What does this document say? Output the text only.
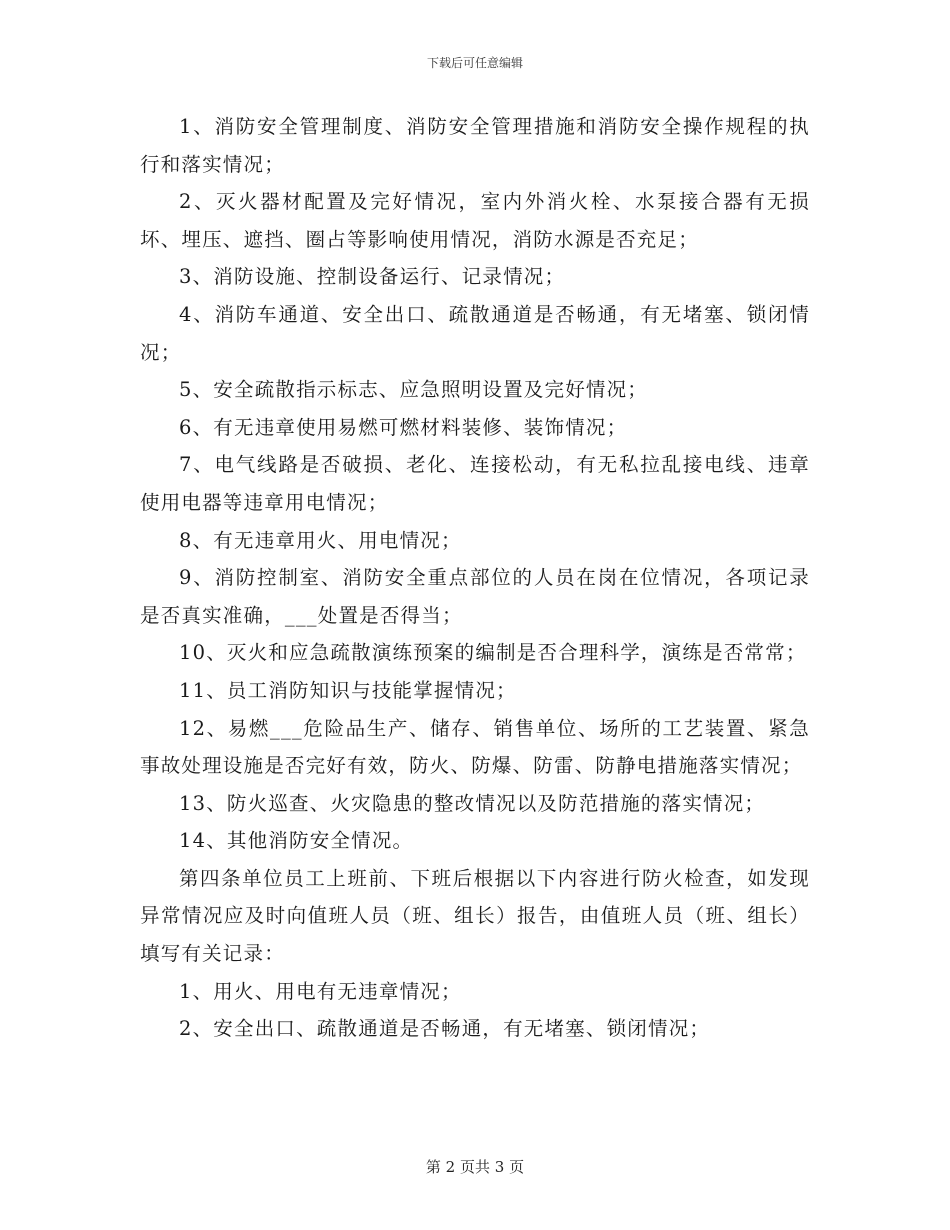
下载后可任意编辑

1、消防安全管理制度、消防安全管理措施和消防安全操作规程的执行和落实情况；

2、灭火器材配置及完好情况，室内外消火栓、水泵接合器有无损坏、埋压、遮挡、圈占等影响使用情况，消防水源是否充足；

3、消防设施、控制设备运行、记录情况；

4、消防车通道、安全出口、疏散通道是否畅通，有无堵塞、锁闭情况；

5、安全疏散指示标志、应急照明设置及完好情况；

6、有无违章使用易燃可燃材料装修、装饰情况；

7、电气线路是否破损、老化、连接松动，有无私拉乱接电线、违章使用电器等违章用电情况；

8、有无违章用火、用电情况；

9、消防控制室、消防安全重点部位的人员在岗在位情况，各项记录是否真实准确，___处置是否得当；

10、灭火和应急疏散演练预案的编制是否合理科学，演练是否常常；

11、员工消防知识与技能掌握情况；

12、易燃___危险品生产、储存、销售单位、场所的工艺装置、紧急事故处理设施是否完好有效，防火、防爆、防雷、防静电措施落实情况；

13、防火巡查、火灾隐患的整改情况以及防范措施的落实情况；

14、其他消防安全情况。

第四条单位员工上班前、下班后根据以下内容进行防火检查，如发现异常情况应及时向值班人员（班、组长）报告，由值班人员（班、组长）填写有关记录：

1、用火、用电有无违章情况；

2、安全出口、疏散通道是否畅通，有无堵塞、锁闭情况；

第 2 页共 3 页
